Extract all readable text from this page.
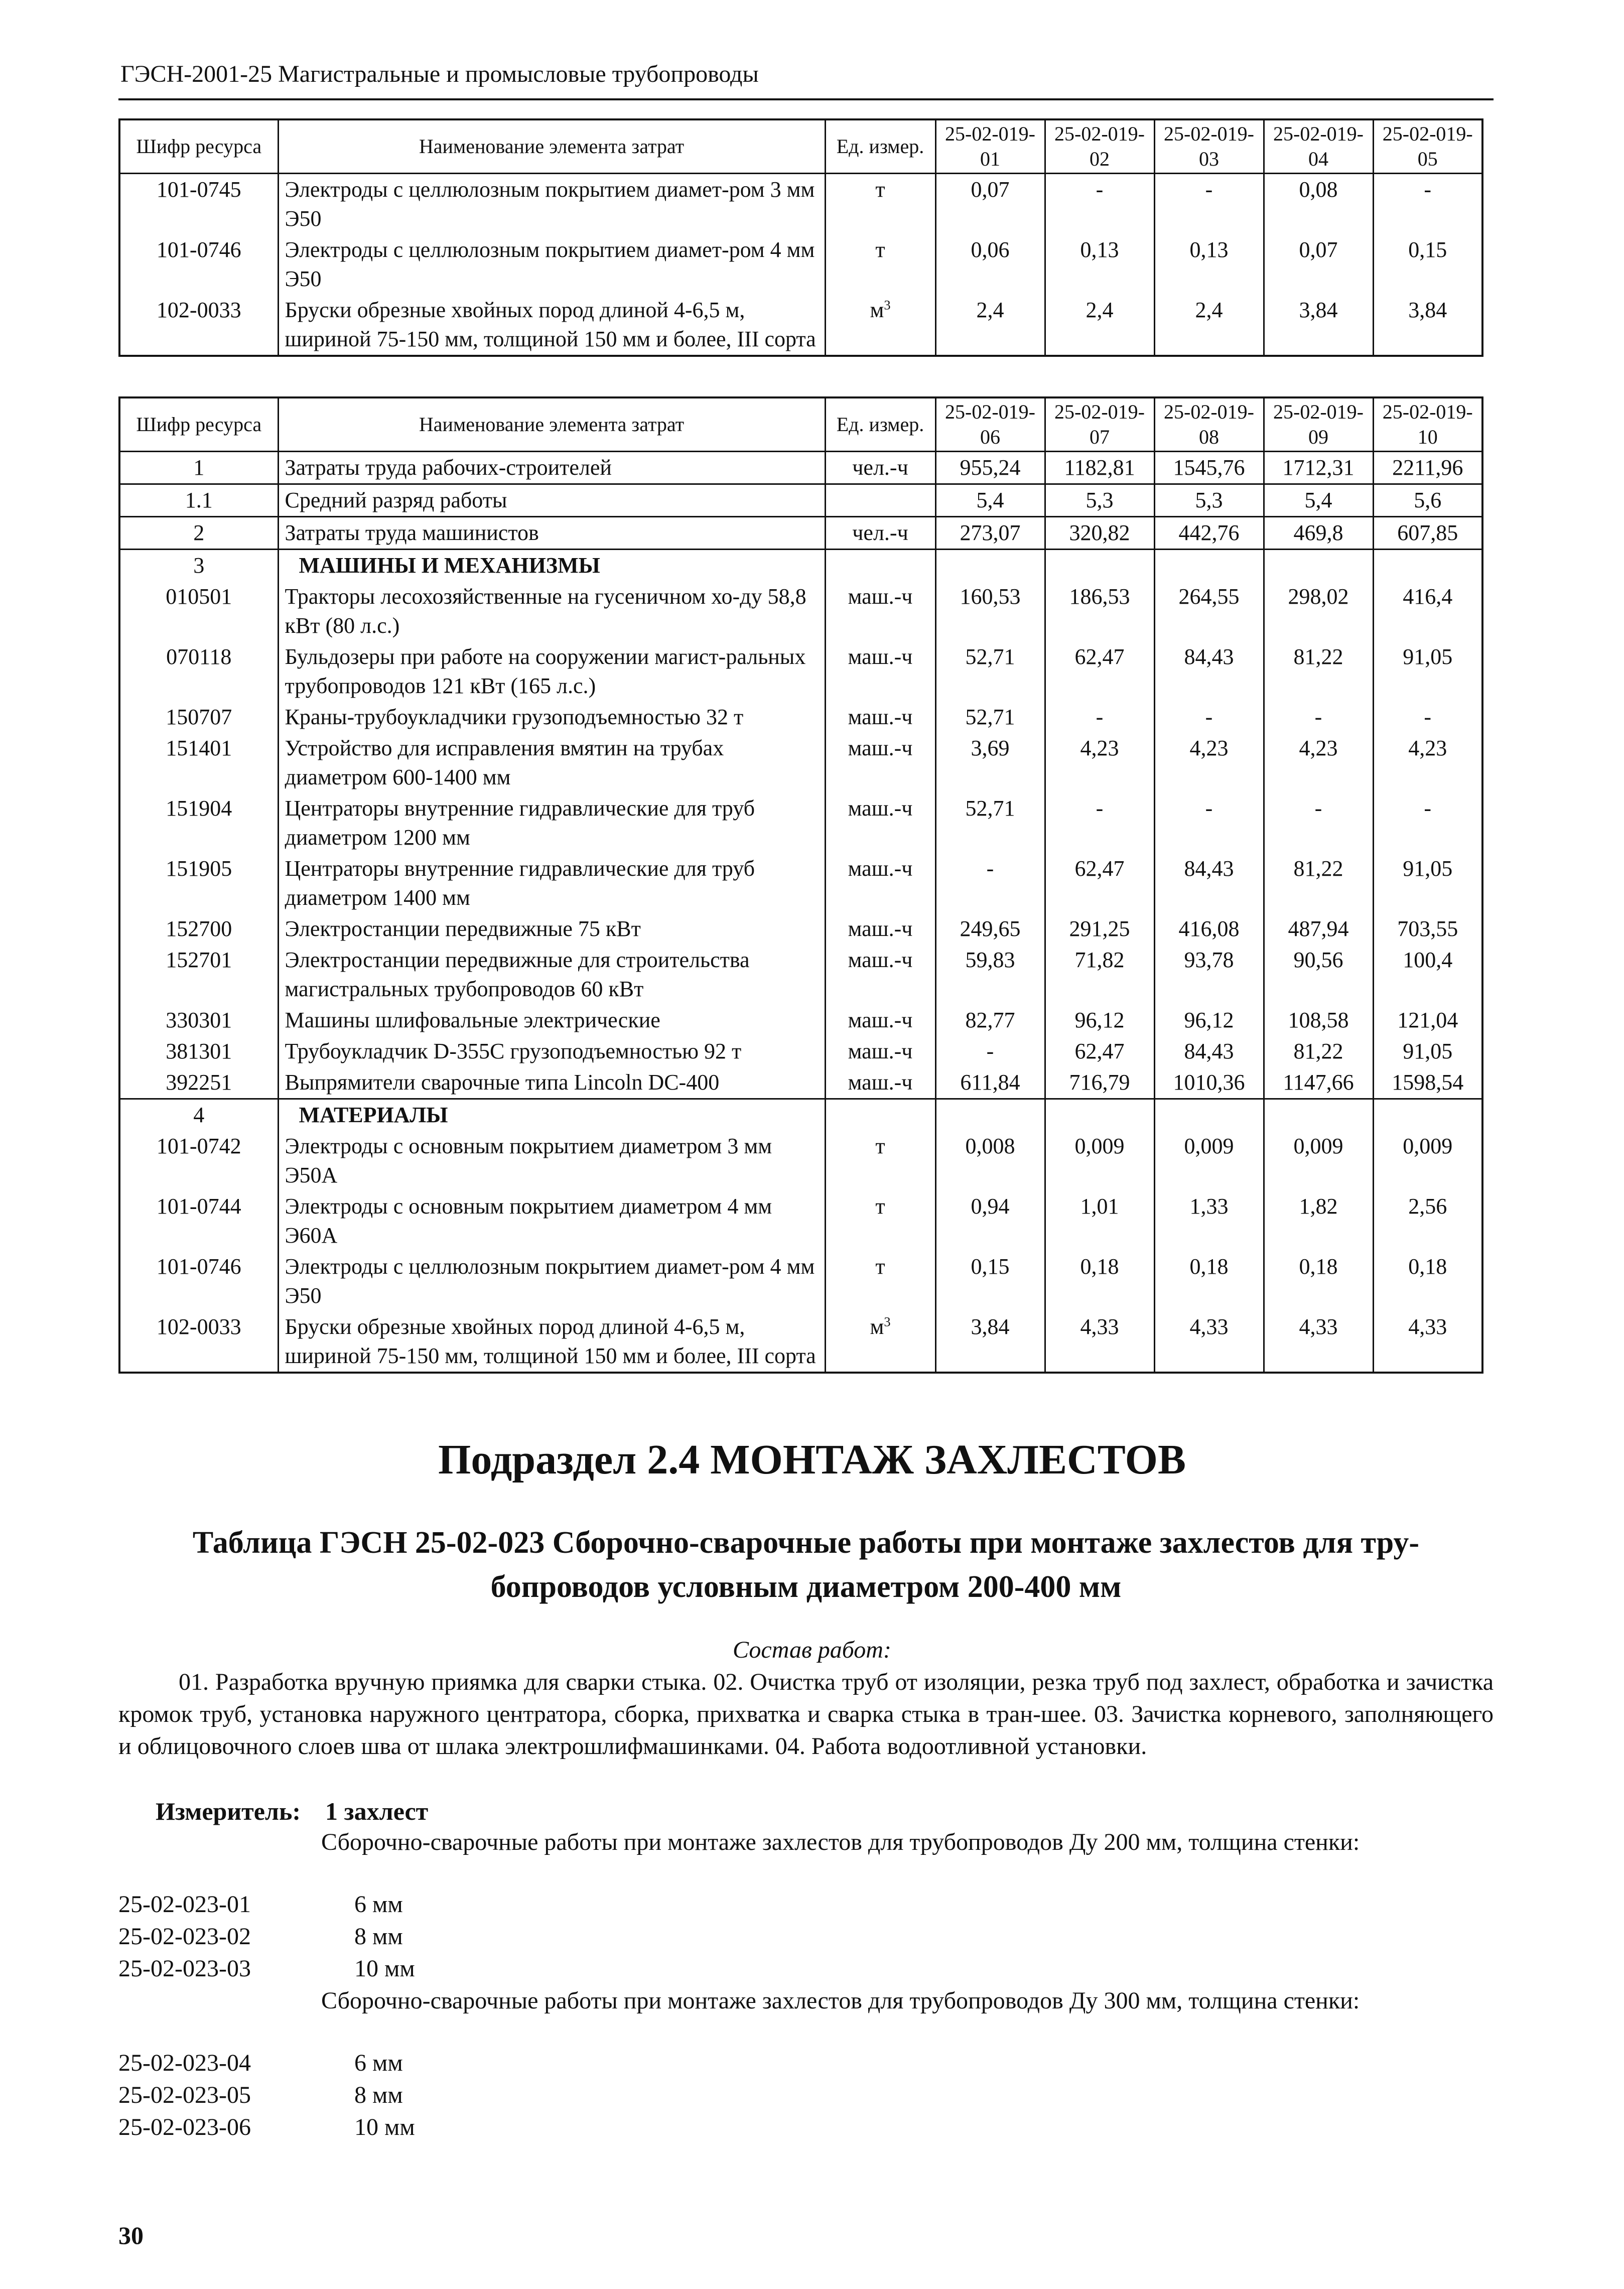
ГЭСН-2001-25 Магистральные и промысловые трубопроводы
Шифр ресурса	Наименование элемента затрат	Ед. измер.	25-02-019-01	25-02-019-02	25-02-019-03	25-02-019-04	25-02-019-05
101-0745	Электроды с целлюлозным покрытием диамет-ром 3 мм Э50	т	0,07	-	-	0,08	-
101-0746	Электроды с целлюлозным покрытием диамет-ром 4 мм Э50	т	0,06	0,13	0,13	0,07	0,15
102-0033	Бруски обрезные хвойных пород длиной 4-6,5 м, шириной 75-150 мм, толщиной 150 мм и более, III сорта	$м^3$	2,4	2,4	2,4	3,84	3,84
Шифр ресурса	Наименование элемента затрат	Ед. измер.	25-02-019-06	25-02-019-07	25-02-019-08	25-02-019-09	25-02-019-10
1	Затраты труда рабочих-строителей	чел.-ч	955,24	1182,81	1545,76	1712,31	2211,96
1.1	Средний разряд работы		5,4	5,3	5,3	5,4	5,6
2	Затраты труда машинистов	чел.-ч	273,07	320,82	442,76	469,8	607,85
3	МАШИНЫ И МЕХАНИЗМЫ						
010501	Тракторы лесохозяйственные на гусеничном хо-ду 58,8 кВт (80 л.с.)	маш.-ч	160,53	186,53	264,55	298,02	416,4
070118	Бульдозеры при работе на сооружении магист-ральных трубопроводов 121 кВт (165 л.с.)	маш.-ч	52,71	62,47	84,43	81,22	91,05
150707	Краны-трубоукладчики грузоподъемностью 32 т	маш.-ч	52,71	-	-	-	-
151401	Устройство для исправления вмятин на трубах диаметром 600-1400 мм	маш.-ч	3,69	4,23	4,23	4,23	4,23
151904	Центраторы внутренние гидравлические для труб диаметром 1200 мм	маш.-ч	52,71	-	-	-	-
151905	Центраторы внутренние гидравлические для труб диаметром 1400 мм	маш.-ч	-	62,47	84,43	81,22	91,05
152700	Электростанции передвижные 75 кВт	маш.-ч	249,65	291,25	416,08	487,94	703,55
152701	Электростанции передвижные для строительства магистральных трубопроводов 60 кВт	маш.-ч	59,83	71,82	93,78	90,56	100,4
330301	Машины шлифовальные электрические	маш.-ч	82,77	96,12	96,12	108,58	121,04
381301	Трубоукладчик D-355C грузоподъемностью 92 т	маш.-ч	-	62,47	84,43	81,22	91,05
392251	Выпрямители сварочные типа Lincoln DC-400	маш.-ч	611,84	716,79	1010,36	1147,66	1598,54
4	МАТЕРИАЛЫ						
101-0742	Электроды с основным покрытием диаметром 3 мм Э50А	т	0,008	0,009	0,009	0,009	0,009
101-0744	Электроды с основным покрытием диаметром 4 мм Э60А	т	0,94	1,01	1,33	1,82	2,56
101-0746	Электроды с целлюлозным покрытием диамет-ром 4 мм Э50	т	0,15	0,18	0,18	0,18	0,18
102-0033	Бруски обрезные хвойных пород длиной 4-6,5 м, шириной 75-150 мм, толщиной 150 мм и более, III сорта	$м^3$	3,84	4,33	4,33	4,33	4,33
Подраздел 2.4 МОНТАЖ ЗАХЛЕСТОВ
Таблица ГЭСН 25-02-023 Сборочно-сварочные работы при монтаже захлестов для тру-бопроводов условным диаметром 200-400 мм
Состав работ:
01. Разработка вручную приямка для сварки стыка. 02. Очистка труб от изоляции, резка труб под захлест, обработка и зачистка кромок труб, установка наружного центратора, сборка, прихватка и сварка стыка в тран-шее. 03. Зачистка корневого, заполняющего и облицовочного слоев шва от шлака электрошлифмашинками. 04. Работа водоотливной установки.
Измеритель: 1 захлест
Сборочно-сварочные работы при монтаже захлестов для трубопроводов Ду 200 мм, толщина стенки:
25-02-023-01	6 мм
25-02-023-02	8 мм
25-02-023-03	10 мм
Сборочно-сварочные работы при монтаже захлестов для трубопроводов Ду 300 мм, толщина стенки:
25-02-023-04	6 мм
25-02-023-05	8 мм
25-02-023-06	10 мм
30
